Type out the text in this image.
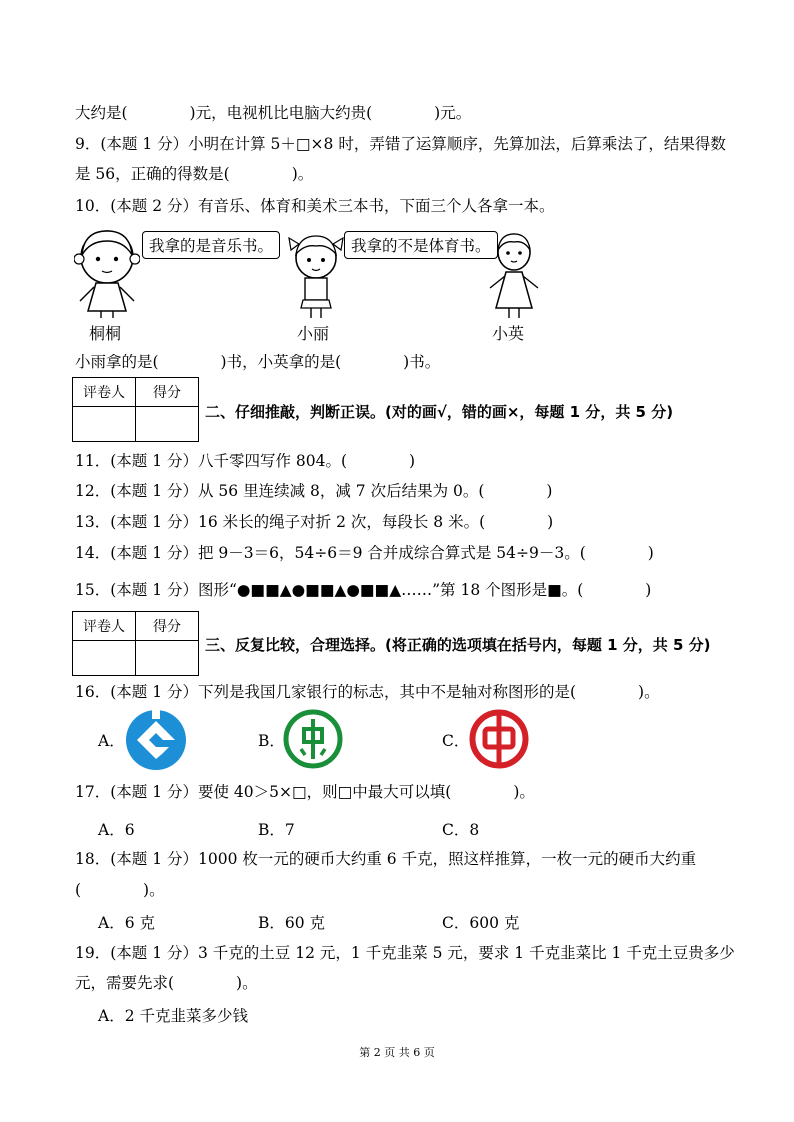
大约是(　　　　)元，电视机比电脑大约贵(　　　　)元。
9．(本题 1 分）小明在计算 5＋□×8 时，弄错了运算顺序，先算加法，后算乘法了，结果得数
是 56，正确的得数是(　　　　)。
10．(本题 2 分）有音乐、体育和美术三本书，下面三个人各拿一本。
我拿的是音乐书。	我拿的不是体育书。
桐桐	小丽	小英
小雨拿的是(　　　　)书，小英拿的是(　　　　)书。
评卷人	得分

二、仔细推敲，判断正误。(对的画√，错的画×，每题 1 分，共 5 分)
11．(本题 1 分）八千零四写作 804。(　　　　)
12．(本题 1 分）从 56 里连续减 8，减 7 次后结果为 0。(　　　　)
13．(本题 1 分）16 米长的绳子对折 2 次，每段长 8 米。(　　　　)
14．(本题 1 分）把 9－3＝6，54÷6＝9 合并成综合算式是 54÷9－3。(　　　　)
15．(本题 1 分）图形“●■■▲●■■▲●■■▲……”第 18 个图形是■。(　　　　)
评卷人	得分

三、反复比较，合理选择。(将正确的选项填在括号内，每题 1 分，共 5 分)
16．(本题 1 分）下列是我国几家银行的标志，其中不是轴对称图形的是(　　　　)。
A．	B．	C．
17．(本题 1 分）要使 40＞5×□，则□中最大可以填(　　　　)。
A．6	B．7	C．8
18．(本题 1 分）1000 枚一元的硬币大约重 6 千克，照这样推算，一枚一元的硬币大约重
(　　　　)。
A．6 克	B．60 克	C．600 克
19．(本题 1 分）3 千克的土豆 12 元，1 千克韭菜 5 元，要求 1 千克韭菜比 1 千克土豆贵多少
元，需要先求(　　　　)。
A．2 千克韭菜多少钱
第 2 页 共 6 页
